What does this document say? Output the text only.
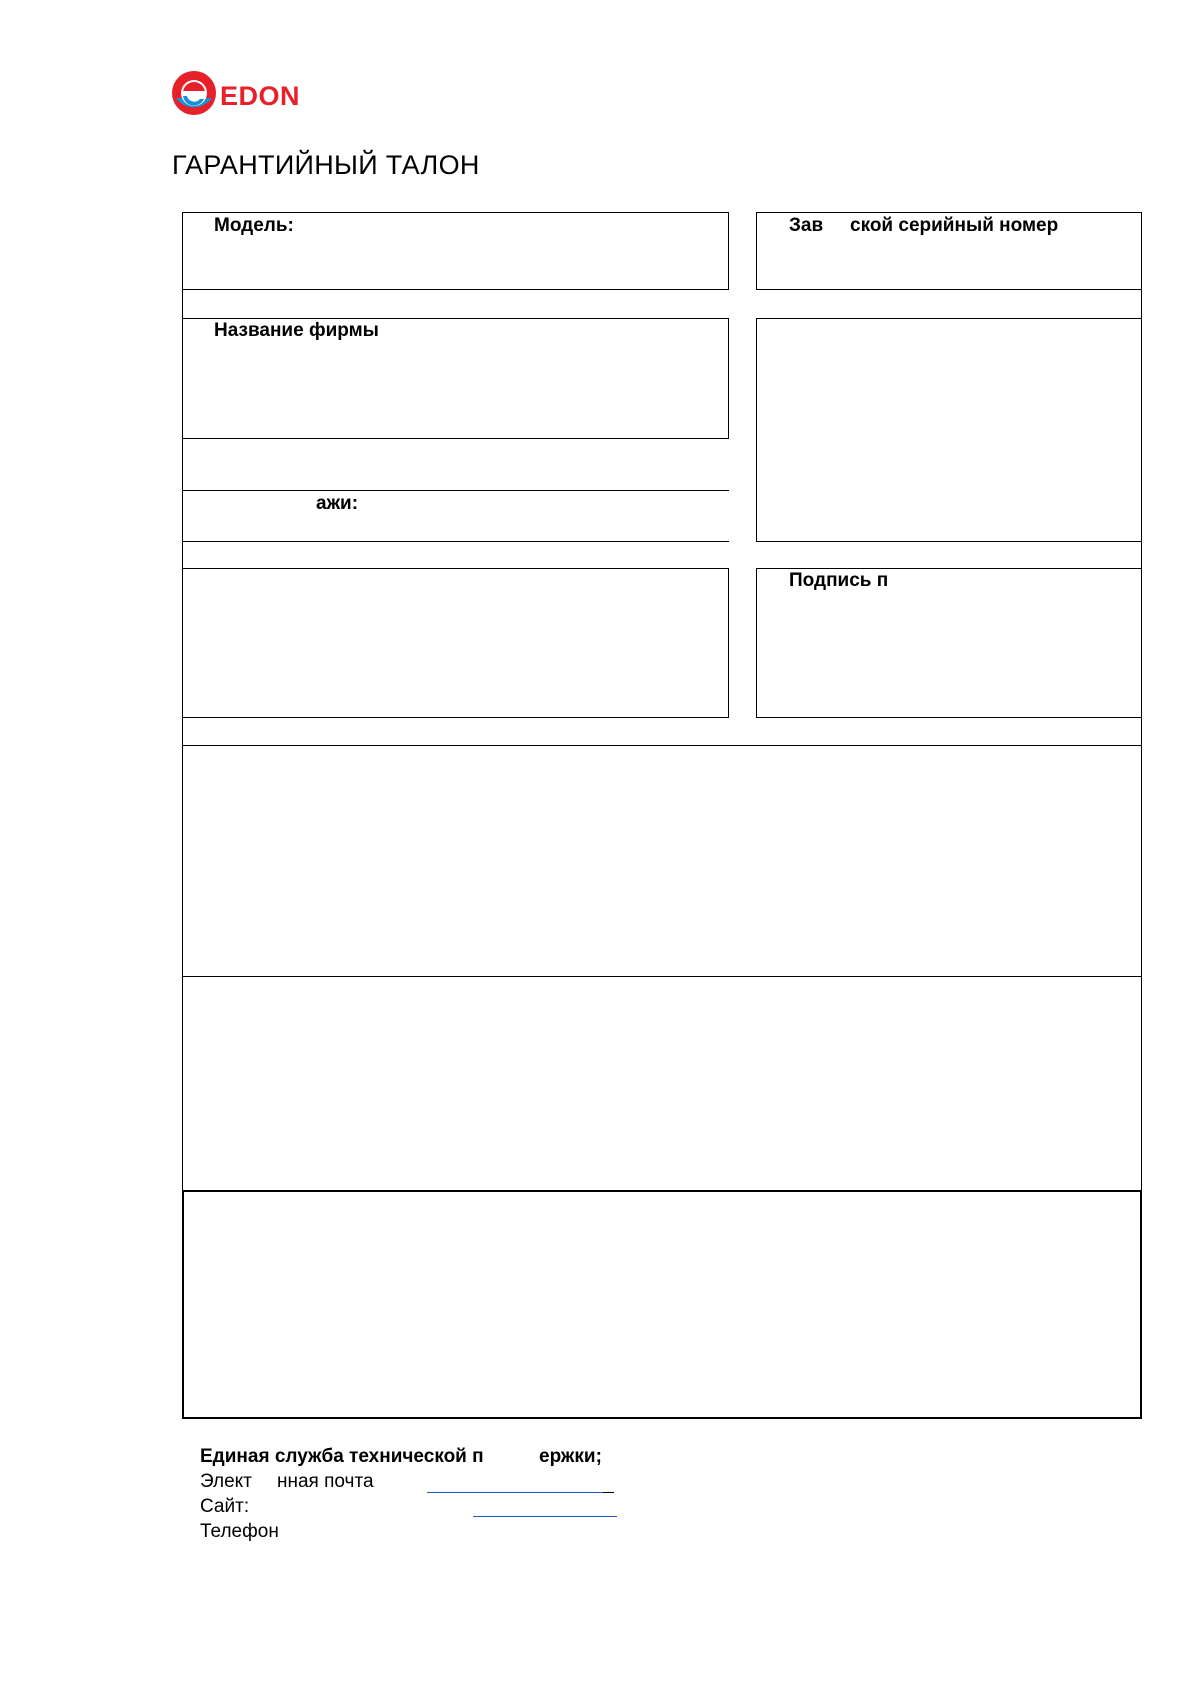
EDON
ГАРАНТИЙНЫЙ ТАЛОН
Модель:	Зав ской серийный номер
Название фирмы
ажи:
Подпись п
Единая служба технической п	ержки;
Элект нная почта
Сайт:
Телефон
